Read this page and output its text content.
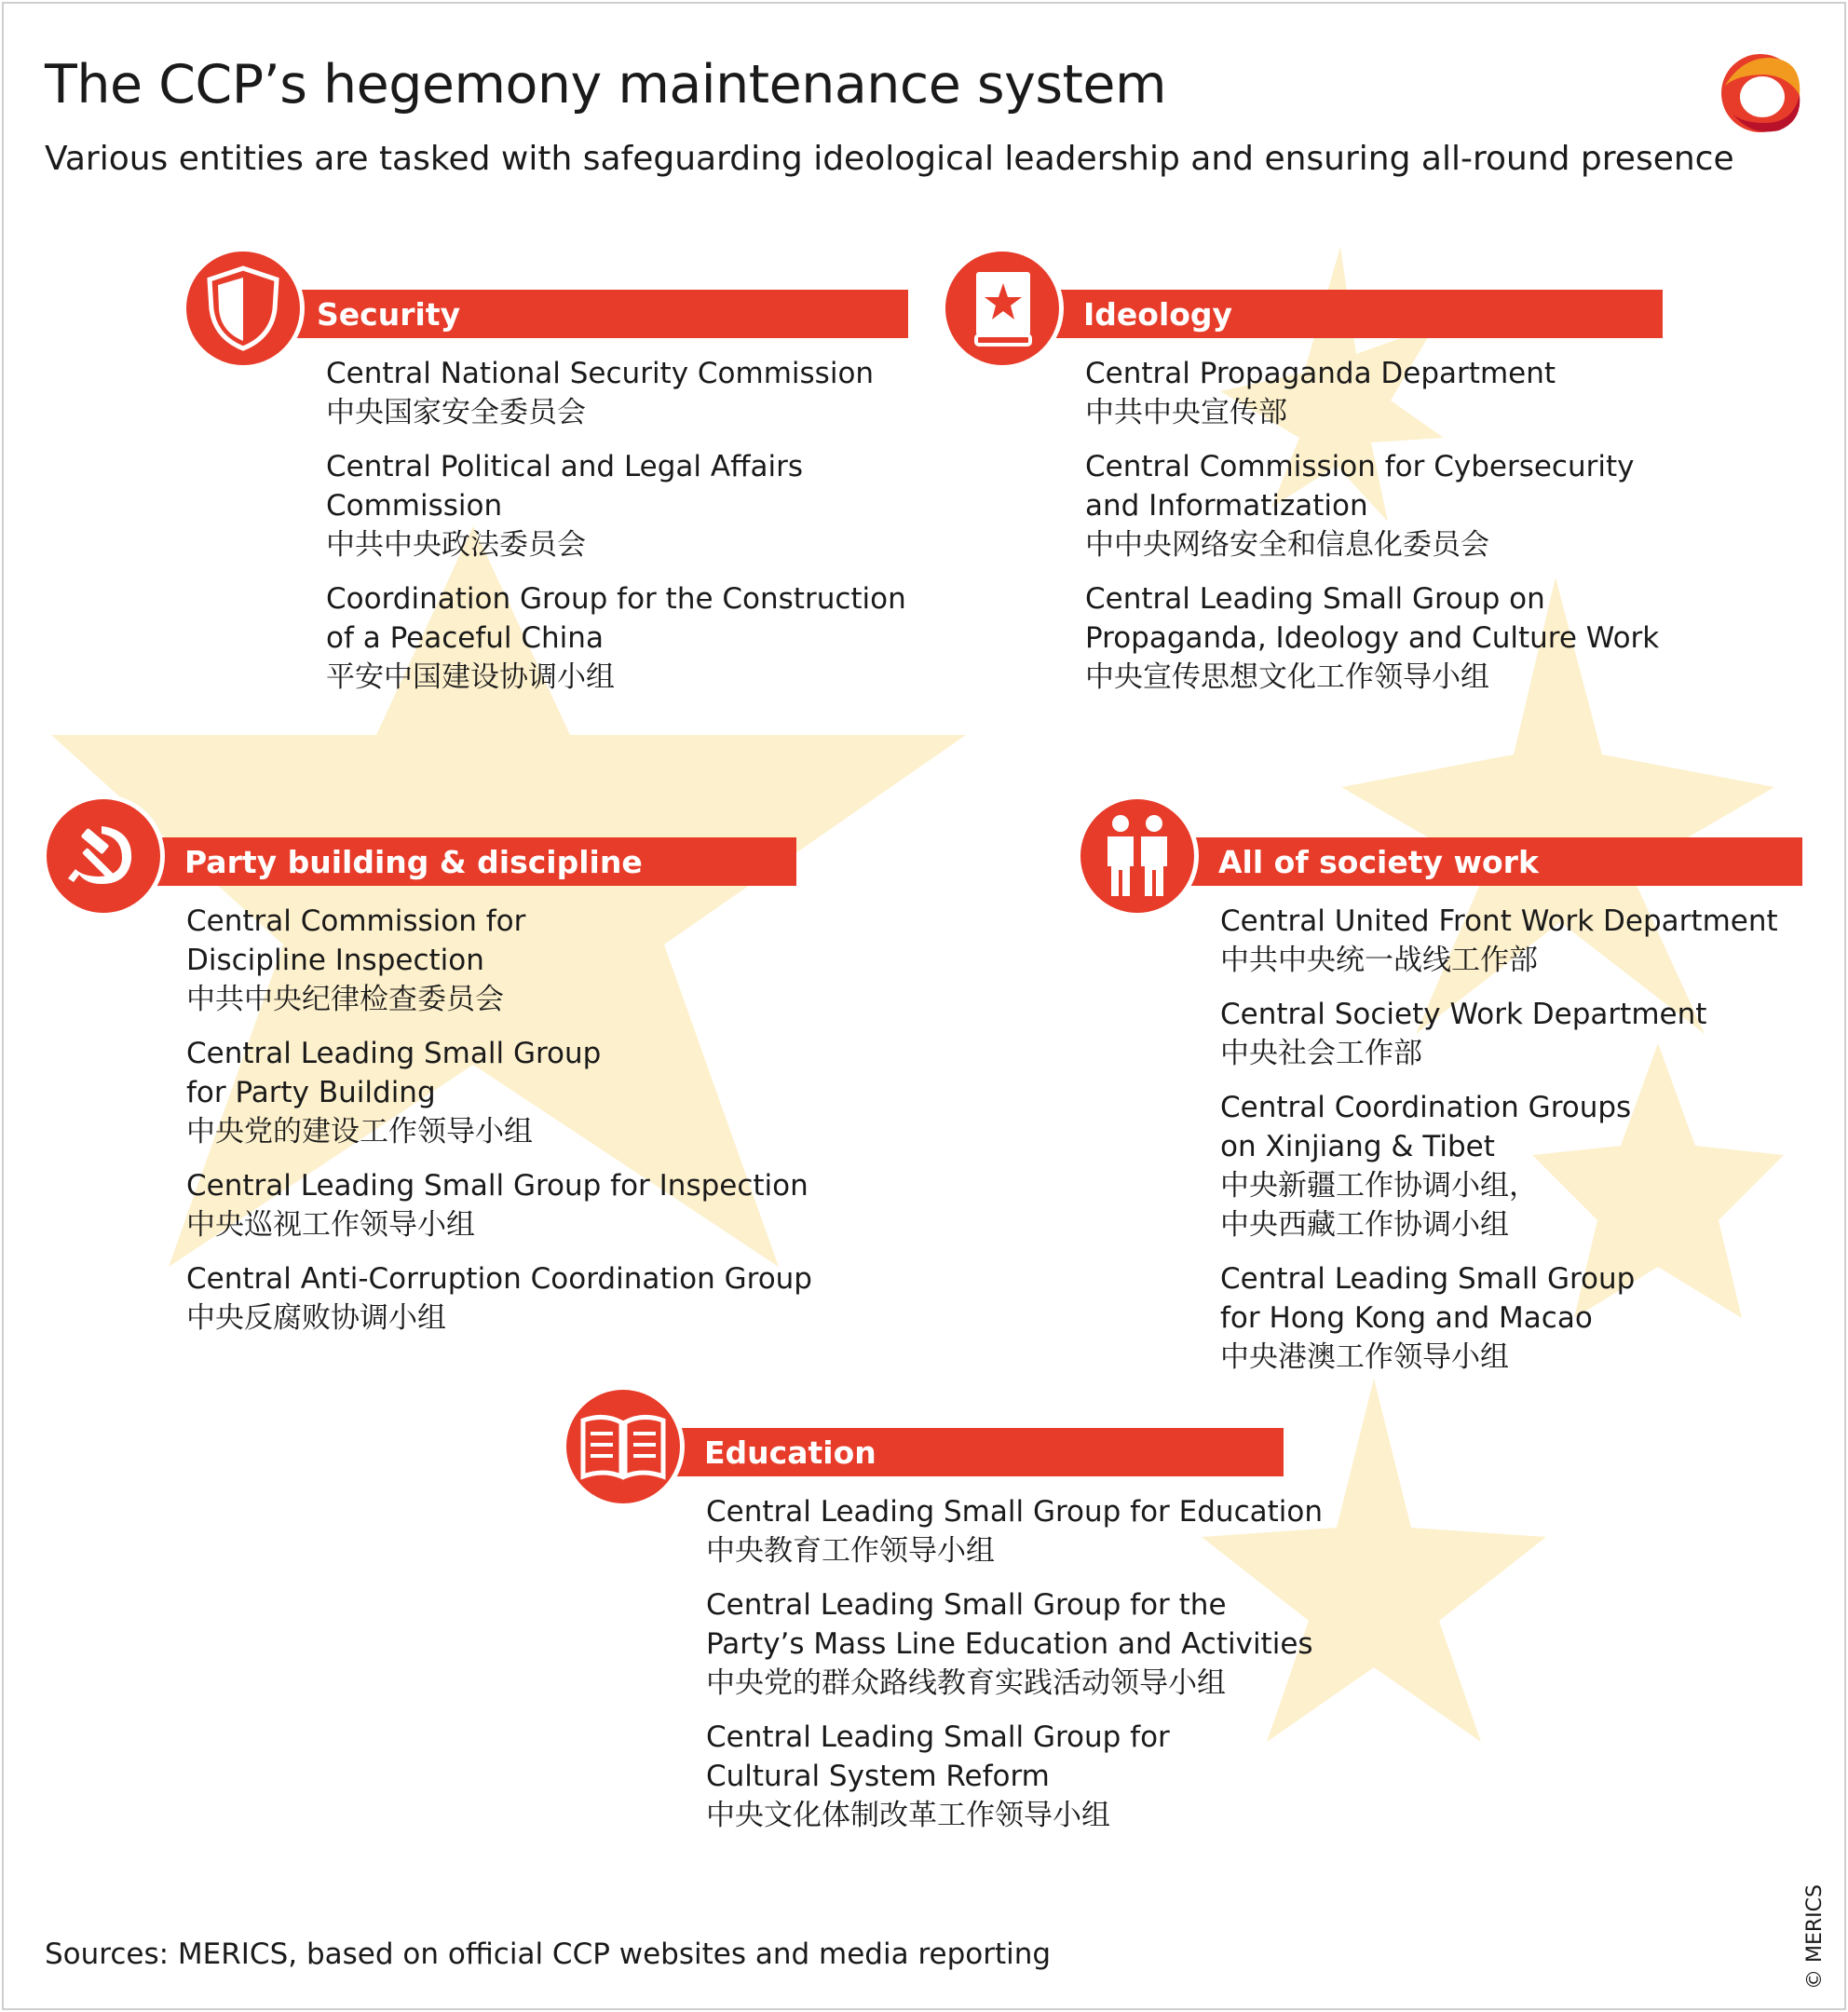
The CCP’s hegemony maintenance system
Various entities are tasked with safeguarding ideological leadership and ensuring all-round presence
Security
Central National Security Commission
中央国家安全委员会
Central Political and Legal Affairs
Commission
中共中央政法委员会
Coordination Group for the Construction
of a Peaceful China
平安中国建设协调小组
Ideology
Central Propaganda Department
中共中央宣传部
Central Commission for Cybersecurity
and Informatization
中中央网络安全和信息化委员会
Central Leading Small Group on
Propaganda, Ideology and Culture Work
中央宣传思想文化工作领导小组
Party building & discipline
Central Commission for
Discipline Inspection
中共中央纪律检查委员会
Central Leading Small Group
for Party Building
中央党的建设工作领导小组
Central Leading Small Group for Inspection
中央巡视工作领导小组
Central Anti-Corruption Coordination Group
中央反腐败协调小组
All of society work
Central United Front Work Department
中共中央统一战线工作部
Central Society Work Department
中央社会工作部
Central Coordination Groups
on Xinjiang & Tibet
中央新疆工作协调小组，
中央西藏工作协调小组
Central Leading Small Group
for Hong Kong and Macao
中央港澳工作领导小组
Education
Central Leading Small Group for Education
中央教育工作领导小组
Central Leading Small Group for the
Party’s Mass Line Education and Activities
中央党的群众路线教育实践活动领导小组
Central Leading Small Group for
Cultural System Reform
中央文化体制改革工作领导小组
Sources: MERICS, based on official CCP websites and media reporting	© MERICS
